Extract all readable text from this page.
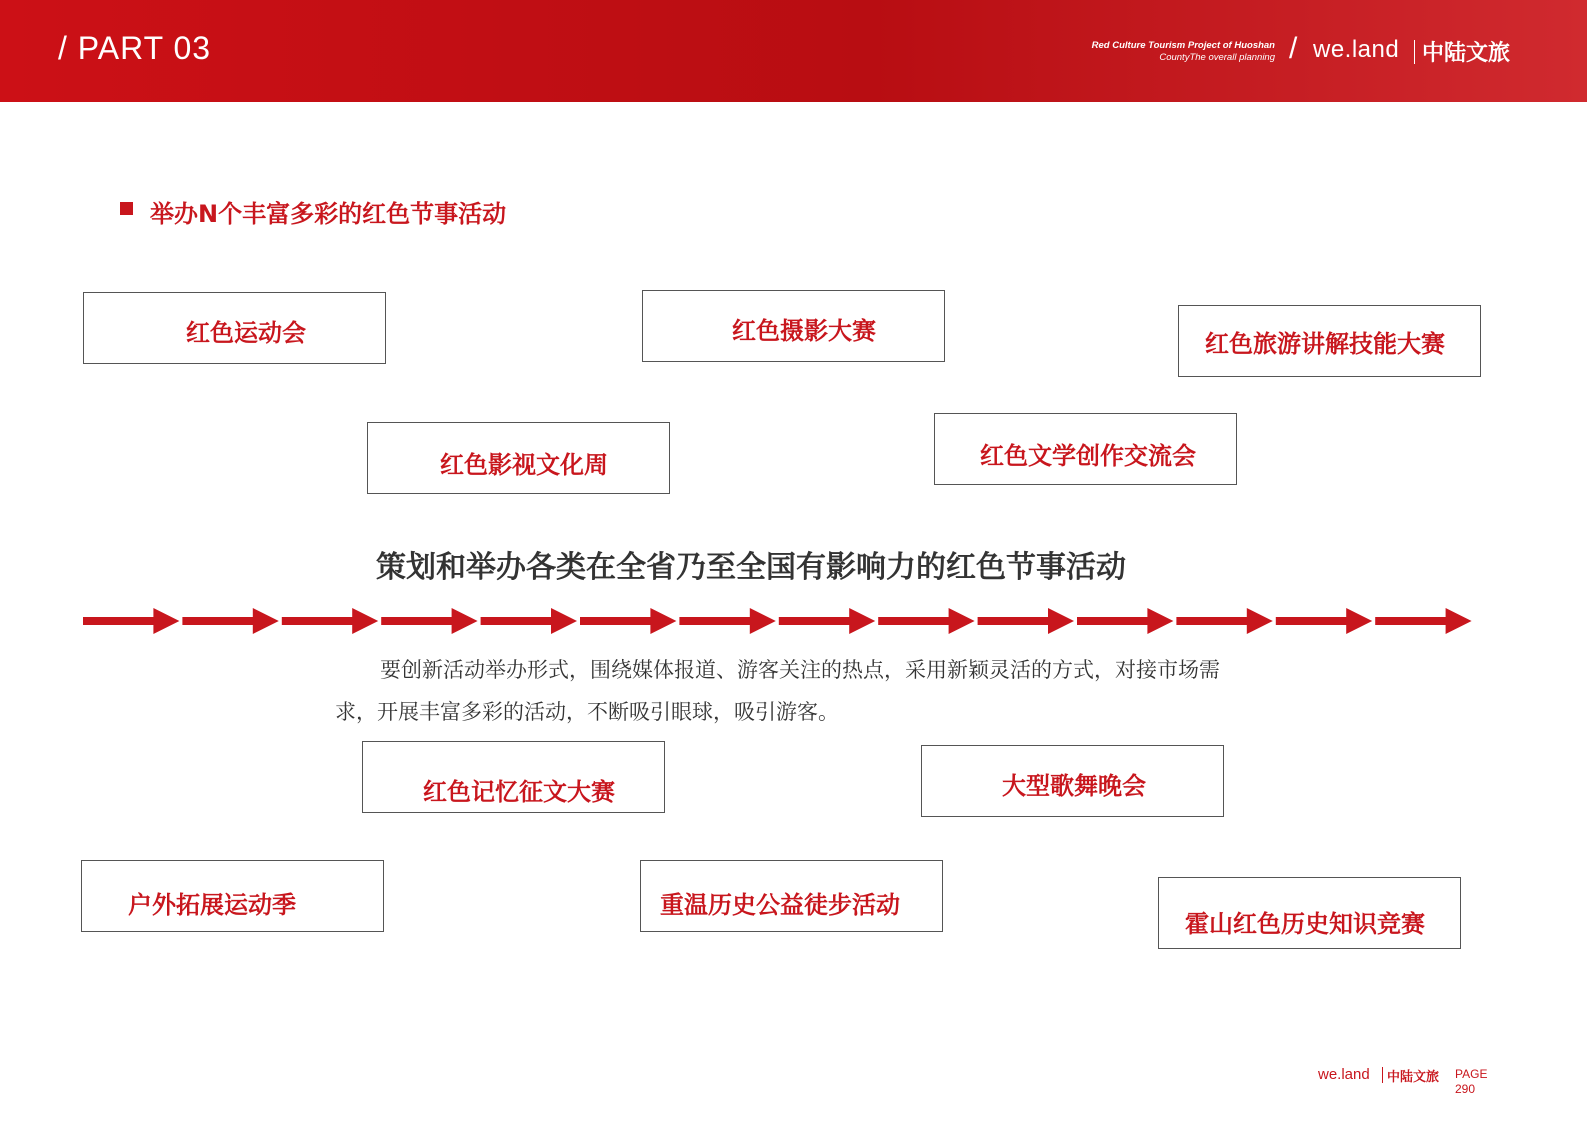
/ PART 03	Red Culture Tourism Project of Huoshan
CountyThe overall planning / we.land 中陆文旅
举办N个丰富多彩的红色节事活动
红色运动会	红色摄影大赛	红色旅游讲解技能大赛
红色影视文化周	红色文学创作交流会
策划和举办各类在全省乃至全国有影响力的红色节事活动
要创新活动举办形式，围绕媒体报道、游客关注的热点，采用新颖灵活的方式，对接市场需
求，开展丰富多彩的活动，不断吸引眼球，吸引游客。
红色记忆征文大赛	大型歌舞晚会
户外拓展运动季	重温历史公益徒步活动
霍山红色历史知识竞赛
we.land 中陆文旅 PAGE
290
